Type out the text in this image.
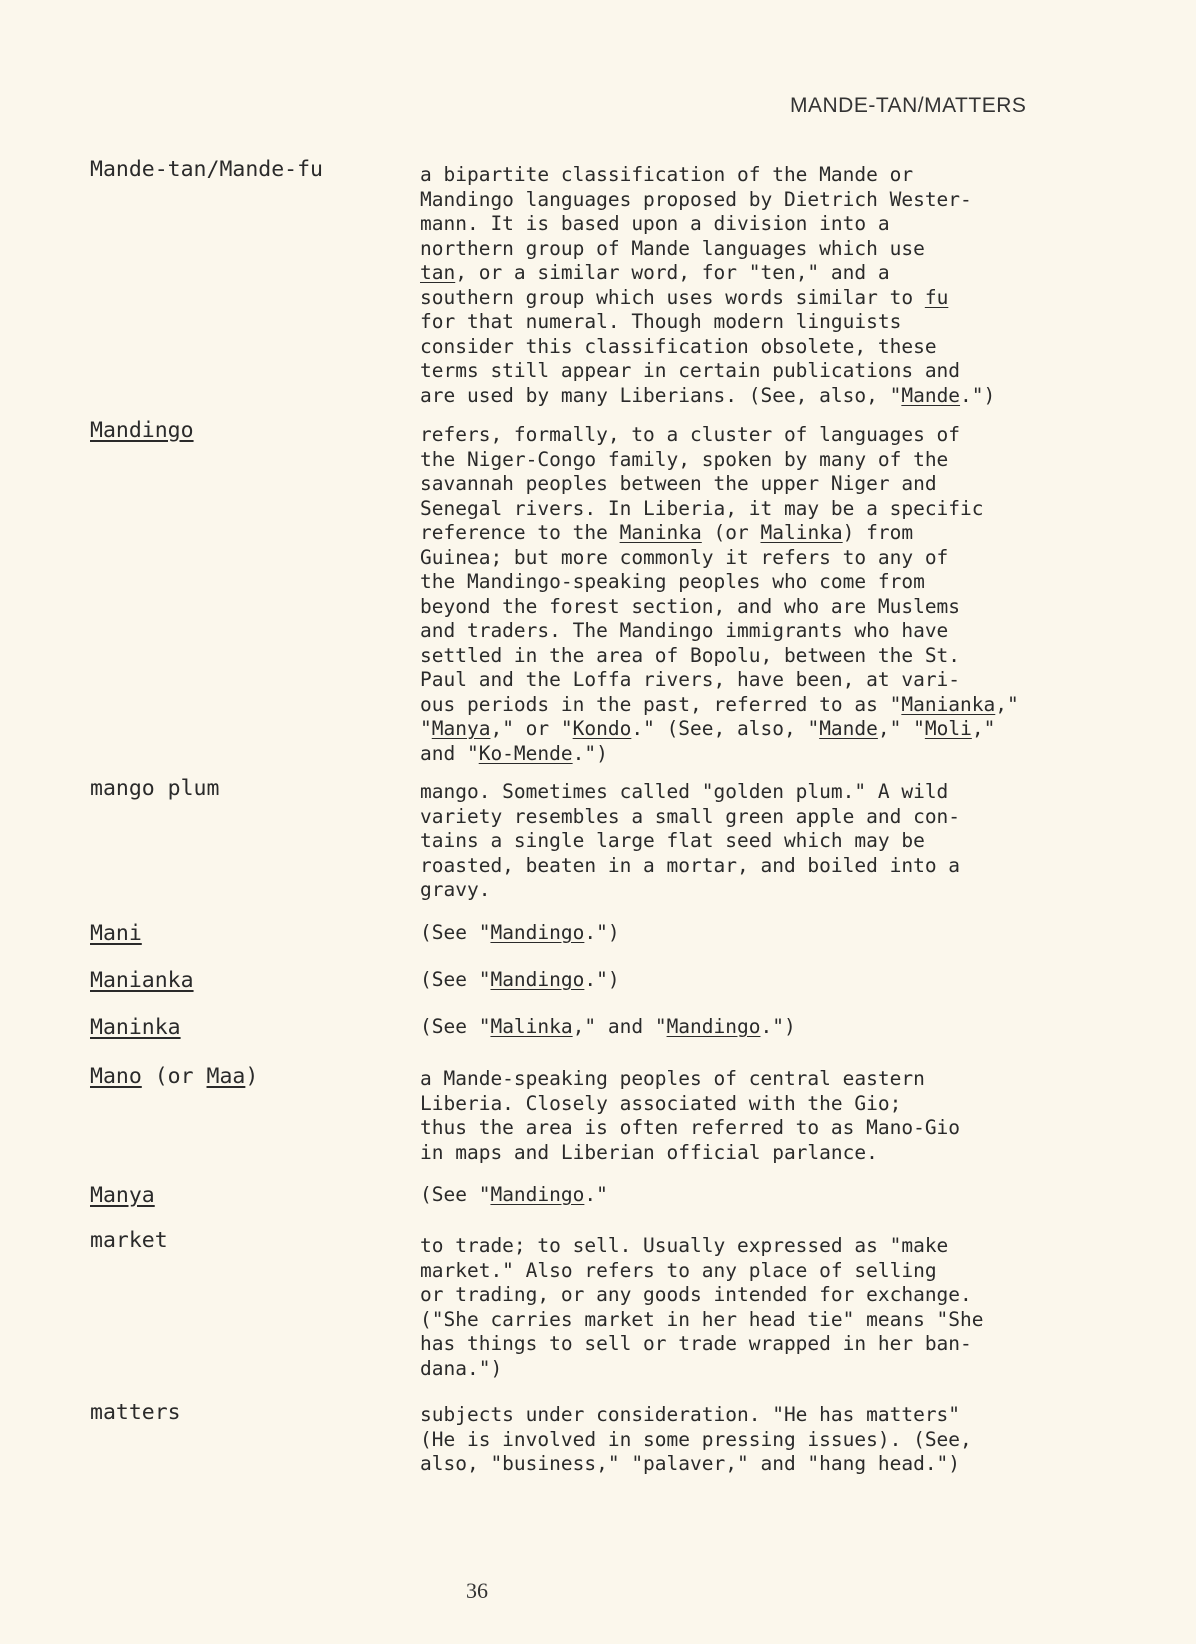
MANDE-TAN/MATTERS
Mande-tan/Mande-fu	a bipartite classification of the Mande or
Mandingo languages proposed by Dietrich Wester-
mann. It is based upon a division into a
northern group of Mande languages which use
tan, or a similar word, for "ten," and a
southern group which uses words similar to fu
for that numeral. Though modern linguists
consider this classification obsolete, these
terms still appear in certain publications and
are used by many Liberians. (See, also, "Mande.")
Mandingo	refers, formally, to a cluster of languages of
the Niger-Congo family, spoken by many of the
savannah peoples between the upper Niger and
Senegal rivers. In Liberia, it may be a specific
reference to the Maninka (or Malinka) from
Guinea; but more commonly it refers to any of
the Mandingo-speaking peoples who come from
beyond the forest section, and who are Muslems
and traders. The Mandingo immigrants who have
settled in the area of Bopolu, between the St.
Paul and the Loffa rivers, have been, at vari-
ous periods in the past, referred to as "Manianka,"
"Manya," or "Kondo." (See, also, "Mande," "Moli,"
and "Ko-Mende.")
mango plum	mango. Sometimes called "golden plum." A wild
variety resembles a small green apple and con-
tains a single large flat seed which may be
roasted, beaten in a mortar, and boiled into a
gravy.
Mani	(See "Mandingo.")
Manianka	(See "Mandingo.")
Maninka	(See "Malinka," and "Mandingo.")
Mano (or Maa)	a Mande-speaking peoples of central eastern
Liberia. Closely associated with the Gio;
thus the area is often referred to as Mano-Gio
in maps and Liberian official parlance.
Manya	(See "Mandingo."
market	to trade; to sell. Usually expressed as "make
market." Also refers to any place of selling
or trading, or any goods intended for exchange.
("She carries market in her head tie" means "She
has things to sell or trade wrapped in her ban-
dana.")
matters	subjects under consideration. "He has matters"
(He is involved in some pressing issues). (See,
also, "business," "palaver," and "hang head.")
36
